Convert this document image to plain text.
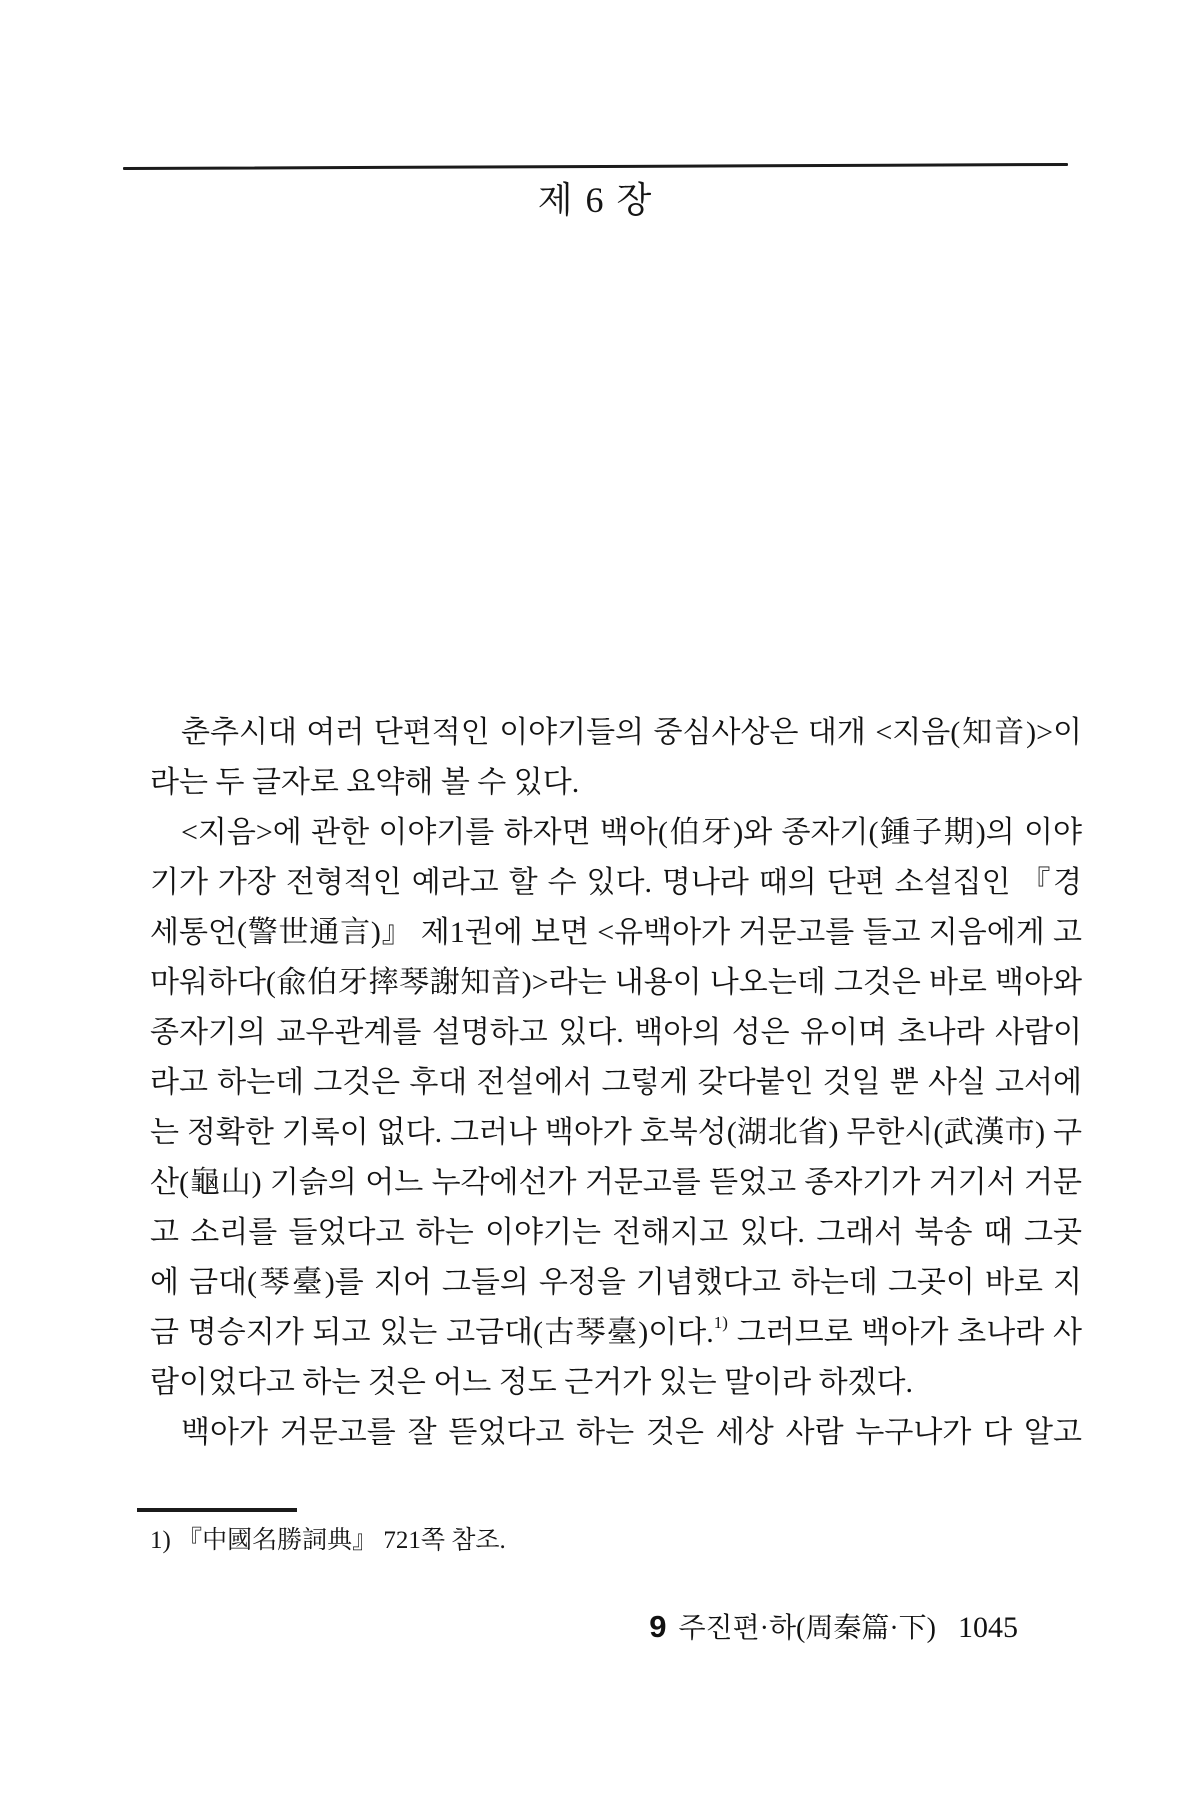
제 6 장
춘추시대 여러 단편적인 이야기들의 중심사상은 대개 <지음(知音)>이
라는 두 글자로 요약해 볼 수 있다.
<지음>에 관한 이야기를 하자면 백아(伯牙)와 종자기(鍾子期)의 이야
기가 가장 전형적인 예라고 할 수 있다. 명나라 때의 단편 소설집인 『경
세통언(警世通言)』 제1권에 보면 <유백아가 거문고를 들고 지음에게 고
마워하다(兪伯牙摔琴謝知音)>라는 내용이 나오는데 그것은 바로 백아와
종자기의 교우관계를 설명하고 있다. 백아의 성은 유이며 초나라 사람이
라고 하는데 그것은 후대 전설에서 그렇게 갖다붙인 것일 뿐 사실 고서에
는 정확한 기록이 없다. 그러나 백아가 호북성(湖北省) 무한시(武漢市) 구
산(龜山) 기슭의 어느 누각에선가 거문고를 뜯었고 종자기가 거기서 거문
고 소리를 들었다고 하는 이야기는 전해지고 있다. 그래서 북송 때 그곳
에 금대(琴臺)를 지어 그들의 우정을 기념했다고 하는데 그곳이 바로 지
금 명승지가 되고 있는 고금대(古琴臺)이다.$^{1)}$ 그러므로 백아가 초나라 사
람이었다고 하는 것은 어느 정도 근거가 있는 말이라 하겠다.
백아가 거문고를 잘 뜯었다고 하는 것은 세상 사람 누구나가 다 알고
1) 『中國名勝詞典』 721쪽 참조.
9 주진편·하(周秦篇·下) 1045
